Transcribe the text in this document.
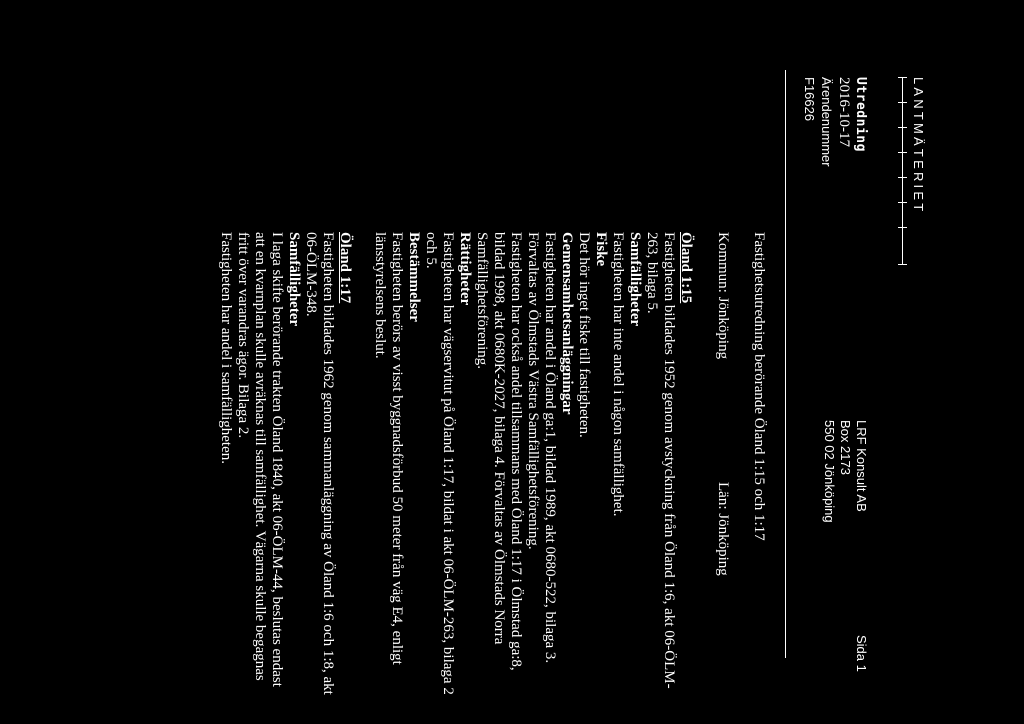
LANTMÄTERIET
Utredning
2016-10-17
Ärendenummer
F16626
LRF Konsult AB
Box 2173
550 02 Jönköping
Sida 1
Fastighetsutredning berörande Öland 1:15 och 1:17
Kommun: Jönköping
Län: Jönköping

Öland 1:15

Fastigheten bildades 1952 genom avstyckning från Öland 1:6, akt 06-ÖLM-263, bilaga 5.

Samfälligheter

Fastigheten har inte andel i någon samfällighet.

Fiske

Det hör inget fiske till fastigheten.

Gemensamhetsanläggningar

Fastigheten har andel i Öland ga:1, bildad 1989, akt 0680-522, bilaga 3. Förvaltas av Ölmstads Västra Samfällighetsförening.

Fastigheten har också andel tillsammans med Öland 1:17 i Ölmstad ga:8, bildad 1998, akt 0680K-2027, bilaga 4. Förvaltas av Ölmstads Norra Samfällighetsförening.

Rättigheter

Fastigheten har vägservitut på Öland 1:17, bildat i akt 06-ÖLM-263, bilaga 2 och 5.

Bestämmelser

Fastigheten berörs av visst byggnadsförbud 50 meter från väg E4, enligt länsstyrelsens beslut.

Öland 1:17

Fastigheten bildades 1962 genom sammanläggning av Öland 1:6 och 1:8, akt 06-ÖLM-348.

Samfälligheter

I laga skifte berörande trakten Öland 1840, akt 06-ÖLM-44, beslutas endast att en kvarnplan skulle avräknas till samfällighet. Vägarna skulle begagnas fritt över varandras ägor. Bilaga 2.

Fastigheten har andel i samfälligheten.
